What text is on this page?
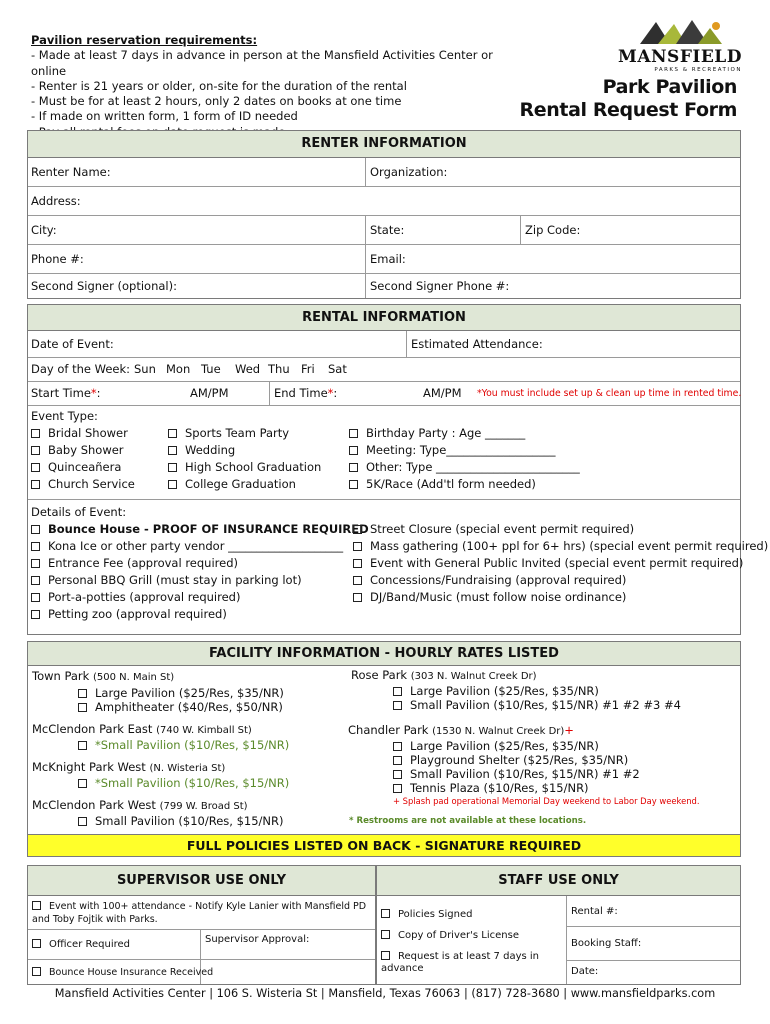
Pavilion reservation requirements:
- Made at least 7 days in advance in person at the Mansfield Activities Center or online
- Renter is 21 years or older, on-site for the duration of the rental
- Must be for at least 2 hours, only 2 dates on books at one time
- If made on written form, 1 form of ID needed
MANSFIELD
PARKS & RECREATION
Park Pavilion
Rental Request Form
RENTER INFORMATION
Renter Name:	Organization:
Address:
City:	State:	Zip Code:
Phone #:	Email:
Second Signer (optional):	Second Signer Phone #:
RENTAL INFORMATION
Date of Event:	Estimated Attendance:
Day of the Week: Sun Mon Tue Wed Thu Fri Sat
Start Time*:	AM/PM	End Time*:	AM/PM *You must include set up & clean up time in rented time.
Event Type:
Bridal Shower
Baby Shower
Quinceañera
Church Service
Sports Team Party
Wedding
High School Graduation
College Graduation
Birthday Party : Age _______
Meeting: Type___________________
Other: Type _________________________
5K/Race (Add'tl form needed)
Details of Event:
Bounce House - PROOF OF INSURANCE REQUIRED
Kona Ice or other party vendor ____________________
Entrance Fee (approval required)
Personal BBQ Grill (must stay in parking lot)
Port-a-potties (approval required)
Petting zoo (approval required)
Street Closure (special event permit required)
Mass gathering (100+ ppl for 6+ hrs) (special event permit required)
Event with General Public Invited (special event permit required)
Concessions/Fundraising (approval required)
DJ/Band/Music (must follow noise ordinance)
FACILITY INFORMATION - HOURLY RATES LISTED
Town Park (500 N. Main St)
Large Pavilion ($25/Res, $35/NR)
Amphitheater ($40/Res, $50/NR)
McClendon Park East (740 W. Kimball St)
*Small Pavilion ($10/Res, $15/NR)
McKnight Park West (N. Wisteria St)
*Small Pavilion ($10/Res, $15/NR)
McClendon Park West (799 W. Broad St)
Small Pavilion ($10/Res, $15/NR)
Rose Park (303 N. Walnut Creek Dr)
Large Pavilion ($25/Res, $35/NR)
Small Pavilion ($10/Res, $15/NR) #1 #2 #3 #4
Chandler Park (1530 N. Walnut Creek Dr)+
Large Pavilion ($25/Res, $35/NR)
Playground Shelter ($25/Res, $35/NR)
Small Pavilion ($10/Res, $15/NR) #1 #2
Tennis Plaza ($10/Res, $15/NR)
+ Splash pad operational Memorial Day weekend to Labor Day weekend.
* Restrooms are not available at these locations.
FULL POLICIES LISTED ON BACK - SIGNATURE REQUIRED
SUPERVISOR USE ONLY
Event with 100+ attendance - Notify Kyle Lanier with Mansfield PD and Toby Fojtik with Parks.
Officer Required	Supervisor Approval:
Bounce House Insurance Received
STAFF USE ONLY
Policies Signed
Copy of Driver's License
Request is at least 7 days in advance
Rental #:
Booking Staff:
Date:
Mansfield Activities Center | 106 S. Wisteria St | Mansfield, Texas 76063 | (817) 728-3680 | www.mansfieldparks.com
